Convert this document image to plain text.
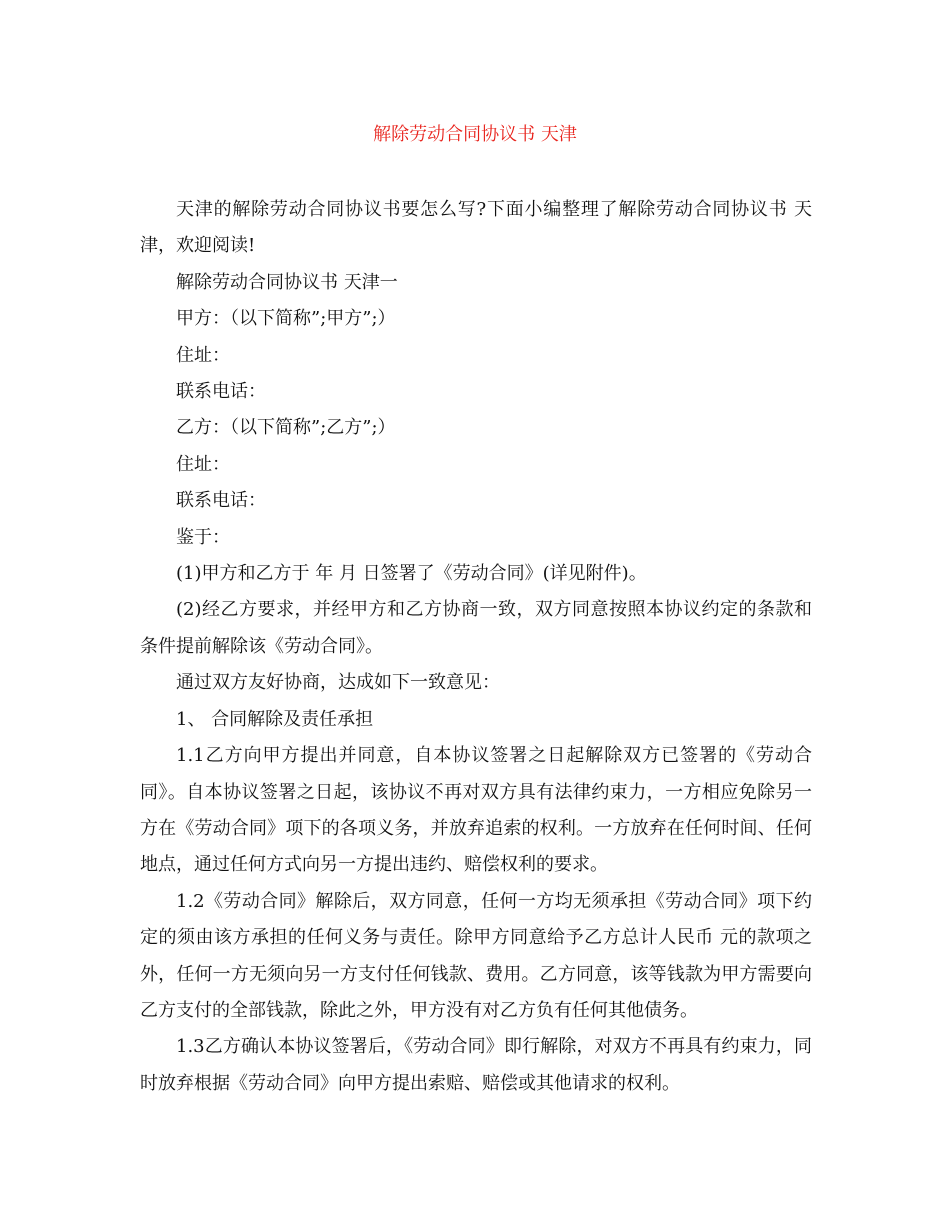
解除劳动合同协议书 天津

天津的解除劳动合同协议书要怎么写?下面小编整理了解除劳动合同协议书 天津，欢迎阅读!

解除劳动合同协议书 天津一

甲方：（以下简称”;甲方”;）

住址：

联系电话：

乙方：（以下简称”;乙方”;）

住址：

联系电话：

鉴于：

(1)甲方和乙方于 年 月 日签署了《劳动合同》(详见附件)。

(2)经乙方要求，并经甲方和乙方协商一致，双方同意按照本协议约定的条款和条件提前解除该《劳动合同》。

通过双方友好协商，达成如下一致意见：

1、 合同解除及责任承担

1.1乙方向甲方提出并同意，自本协议签署之日起解除双方已签署的《劳动合同》。自本协议签署之日起，该协议不再对双方具有法律约束力，一方相应免除另一方在《劳动合同》项下的各项义务，并放弃追索的权利。一方放弃在任何时间、任何地点，通过任何方式向另一方提出违约、赔偿权利的要求。

1.2《劳动合同》解除后，双方同意，任何一方均无须承担《劳动合同》项下约定的须由该方承担的任何义务与责任。除甲方同意给予乙方总计人民币 元的款项之外，任何一方无须向另一方支付任何钱款、费用。乙方同意，该等钱款为甲方需要向乙方支付的全部钱款，除此之外，甲方没有对乙方负有任何其他债务。

1.3乙方确认本协议签署后，《劳动合同》即行解除，对双方不再具有约束力，同时放弃根据《劳动合同》向甲方提出索赔、赔偿或其他请求的权利。
